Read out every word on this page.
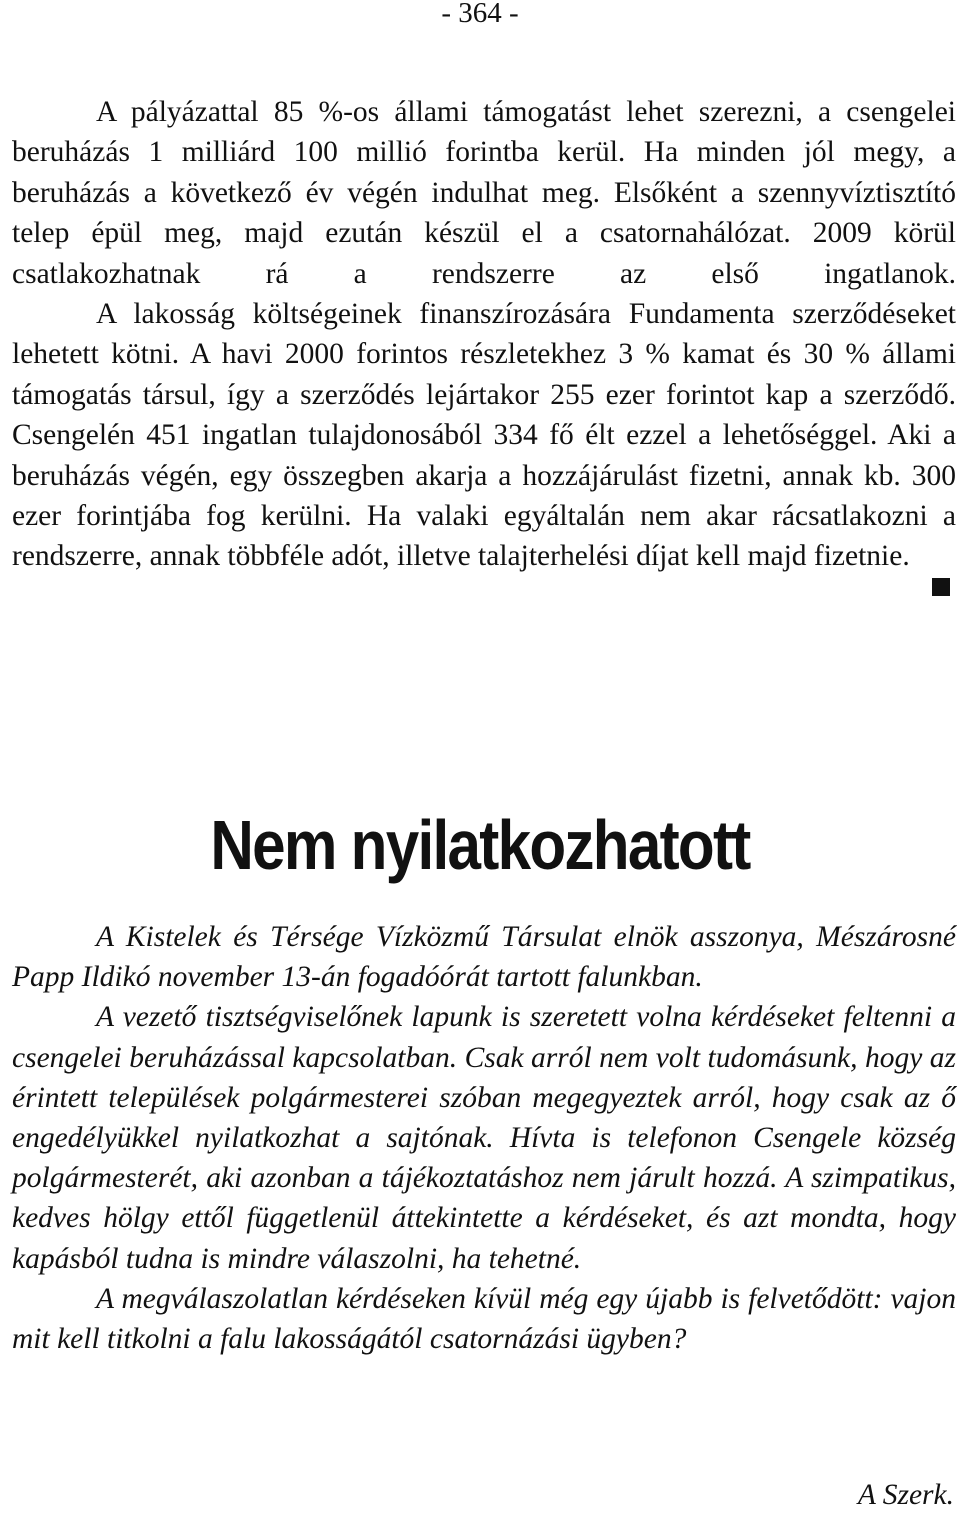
- 364 -

A pályázattal 85 %-os állami támogatást lehet szerezni, a csengelei beruházás 1 milliárd 100 millió forintba kerül. Ha minden jól megy, a beruházás a következő év végén indulhat meg. Elsőként a szennyvíztisztító telep épül meg, majd ezután készül el a csatornahálózat. 2009 körül csatlakozhatnak rá a rendszerre az első ingatlanok.

A lakosság költségeinek finanszírozására Fundamenta szerződéseket lehetett kötni. A havi 2000 forintos részletekhez 3 % kamat és 30 % állami támogatás társul, így a szerződés lejártakor 255 ezer forintot kap a szerződő. Csengelén 451 ingatlan tulajdonosából 334 fő élt ezzel a lehetőséggel. Aki a beruházás végén, egy összegben akarja a hozzájárulást fizetni, annak kb. 300 ezer forintjába fog kerülni. Ha valaki egyáltalán nem akar rácsatlakozni a rendszerre, annak többféle adót, illetve talajterhelési díjat kell majd fizetnie.

Nem nyilatkozhatott

A Kistelek és Térsége Vízközmű Társulat elnök asszonya, Mészárosné Papp Ildikó november 13-án fogadóórát tartott falunkban.

A vezető tisztségviselőnek lapunk is szeretett volna kérdéseket feltenni a csengelei beruházással kapcsolatban. Csak arról nem volt tudomásunk, hogy az érintett települések polgármesterei szóban megegyeztek arról, hogy csak az ő engedélyükkel nyilatkozhat a sajtónak. Hívta is telefonon Csengele község polgármesterét, aki azonban a tájékoztatáshoz nem járult hozzá. A szimpatikus, kedves hölgy ettől függetlenül áttekintette a kérdéseket, és azt mondta, hogy kapásból tudna is mindre válaszolni, ha tehetné.

A megválaszolatlan kérdéseken kívül még egy újabb is felvetődött: vajon mit kell titkolni a falu lakosságától csatornázási ügyben?

A Szerk.
